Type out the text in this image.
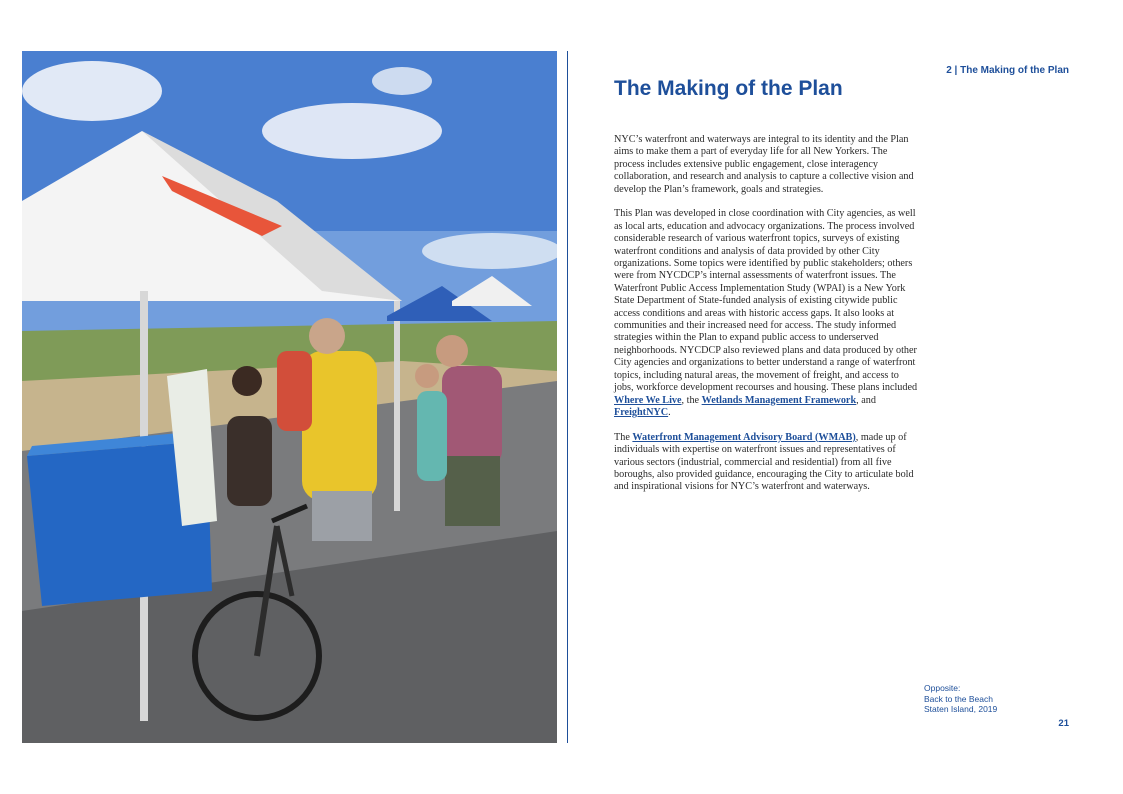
2 | The Making of the Plan
The Making of the Plan

NYC’s waterfront and waterways are integral to its identity and the Plan aims to make them a part of everyday life for all New Yorkers. The process includes extensive public engagement, close interagency collaboration, and research and analysis to capture a collective vision and develop the Plan’s framework, goals and strategies.

This Plan was developed in close coordination with City agencies, as well as local arts, education and advocacy organizations. The process involved considerable research of various waterfront topics, surveys of existing waterfront conditions and analysis of data provided by other City organizations. Some topics were identified by public stakeholders; others were from NYCDCP’s internal assessments of waterfront issues. The Waterfront Public Access Implementation Study (WPAI) is a New York State Department of State-funded analysis of existing citywide public access conditions and areas with historic access gaps. It also looks at communities and their increased need for access. The study informed strategies within the Plan to expand public access to underserved neighborhoods. NYCDCP also reviewed plans and data produced by other City agencies and organizations to better understand a range of waterfront topics, including natural areas, the movement of freight, and access to jobs, workforce development recourses and housing. These plans included Where We Live, the Wetlands Management Framework, and FreightNYC.

The Waterfront Management Advisory Board (WMAB), made up of individuals with expertise on waterfront issues and representatives of various sectors (industrial, commercial and residential) from all five boroughs, also provided guidance, encouraging the City to articulate bold and inspirational visions for NYC’s waterfront and waterways.

Opposite:
Back to the Beach
Staten Island, 2019
21
